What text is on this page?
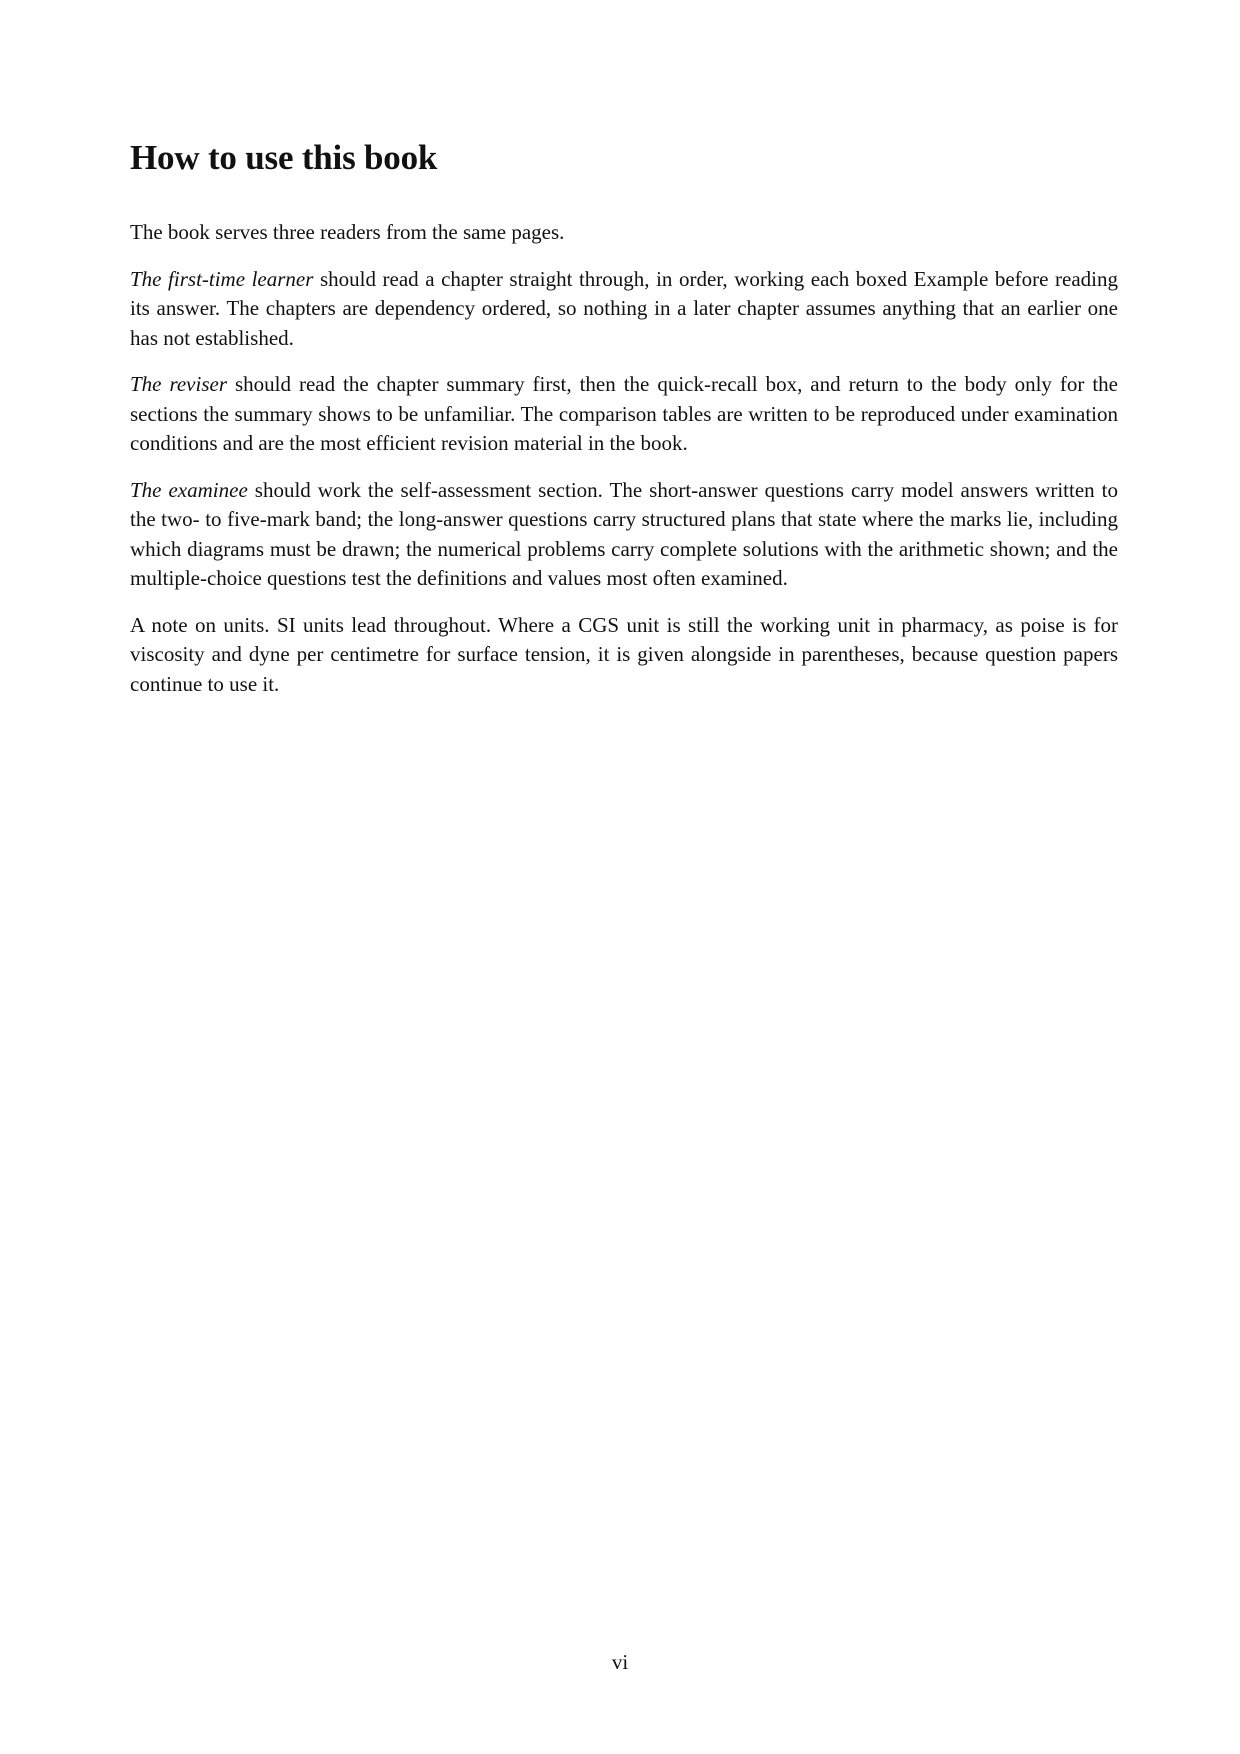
How to use this book

The book serves three readers from the same pages.

The first-time learner should read a chapter straight through, in order, working each boxed Example before reading its answer. The chapters are dependency ordered, so nothing in a later chapter assumes anything that an earlier one has not established.

The reviser should read the chapter summary first, then the quick-recall box, and return to the body only for the sections the summary shows to be unfamiliar. The comparison tables are written to be reproduced under examination conditions and are the most efficient revision material in the book.

The examinee should work the self-assessment section. The short-answer questions carry model answers written to the two- to five-mark band; the long-answer questions carry structured plans that state where the marks lie, including which diagrams must be drawn; the numerical problems carry complete solutions with the arithmetic shown; and the multiple-choice questions test the definitions and values most often examined.

A note on units. SI units lead throughout. Where a CGS unit is still the working unit in pharmacy, as poise is for viscosity and dyne per centimetre for surface tension, it is given alongside in parentheses, because question papers continue to use it.

vi
